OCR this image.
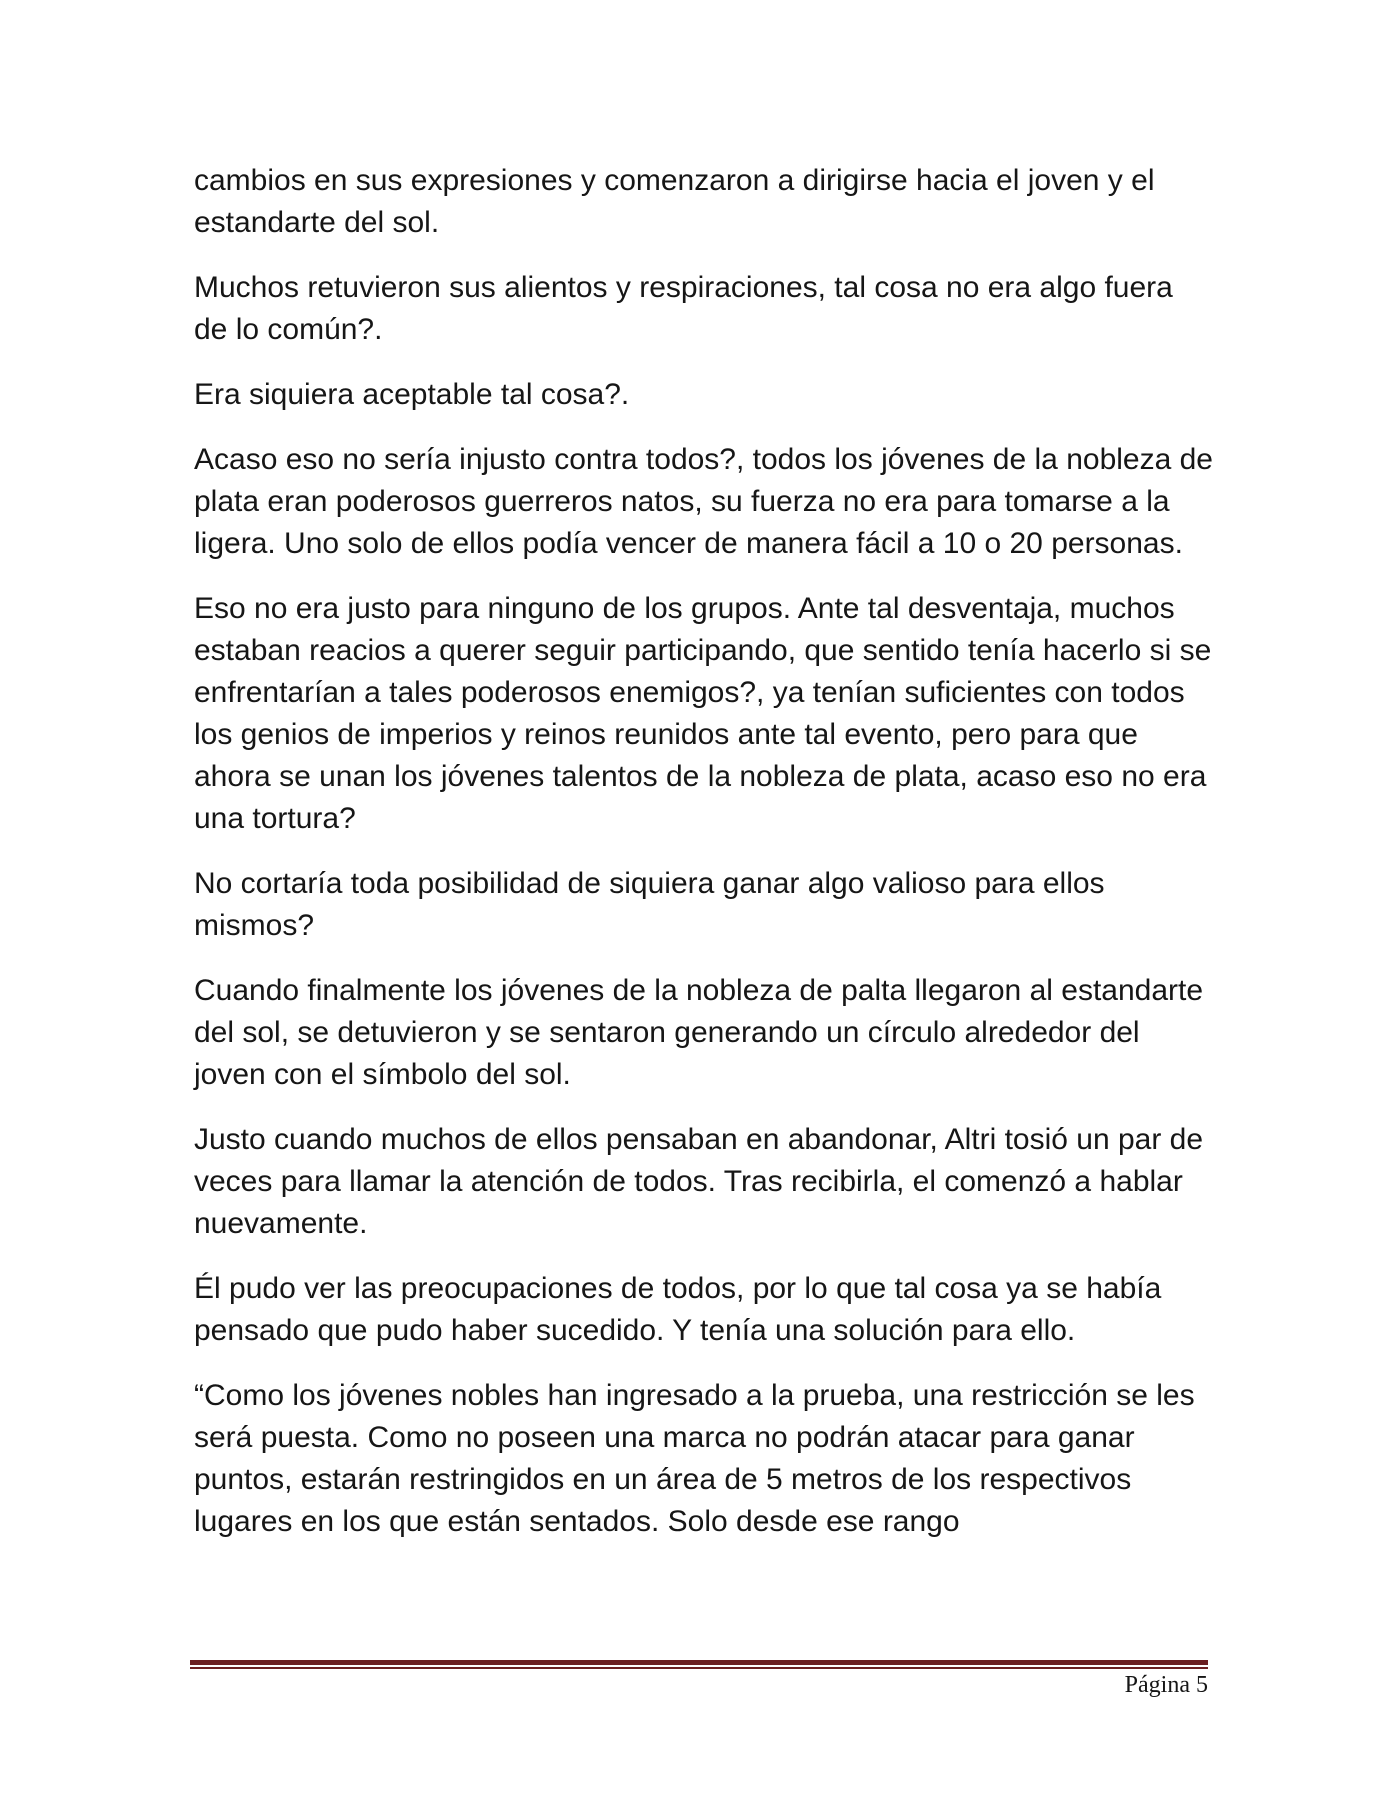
cambios en sus expresiones y comenzaron a dirigirse hacia el joven y el estandarte del sol.

Muchos retuvieron sus alientos y respiraciones, tal cosa no era algo fuera de lo común?.

Era siquiera aceptable tal cosa?.

Acaso eso no sería injusto contra todos?, todos los jóvenes de la nobleza de plata eran poderosos guerreros natos, su fuerza no era para tomarse a la ligera. Uno solo de ellos podía vencer de manera fácil a 10 o 20 personas.

Eso no era justo para ninguno de los grupos. Ante tal desventaja, muchos estaban reacios a querer seguir participando, que sentido tenía hacerlo si se enfrentarían a tales poderosos enemigos?, ya tenían suficientes con todos los genios de imperios y reinos reunidos ante tal evento, pero para que ahora se unan los jóvenes talentos de la nobleza de plata, acaso eso no era una tortura?

No cortaría toda posibilidad de siquiera ganar algo valioso para ellos mismos?

Cuando finalmente los jóvenes de la nobleza de palta llegaron al estandarte del sol, se detuvieron y se sentaron generando un círculo alrededor del joven con el símbolo del sol.

Justo cuando muchos de ellos pensaban en abandonar, Altri tosió un par de veces para llamar la atención de todos. Tras recibirla, el comenzó a hablar nuevamente.

Él pudo ver las preocupaciones de todos, por lo que tal cosa ya se había pensado que pudo haber sucedido. Y tenía una solución para ello.

“Como los jóvenes nobles han ingresado a la prueba, una restricción se les será puesta. Como no poseen una marca no podrán atacar para ganar puntos, estarán restringidos en un área de 5 metros de los respectivos lugares en los que están sentados. Solo desde ese rango

Página 5
